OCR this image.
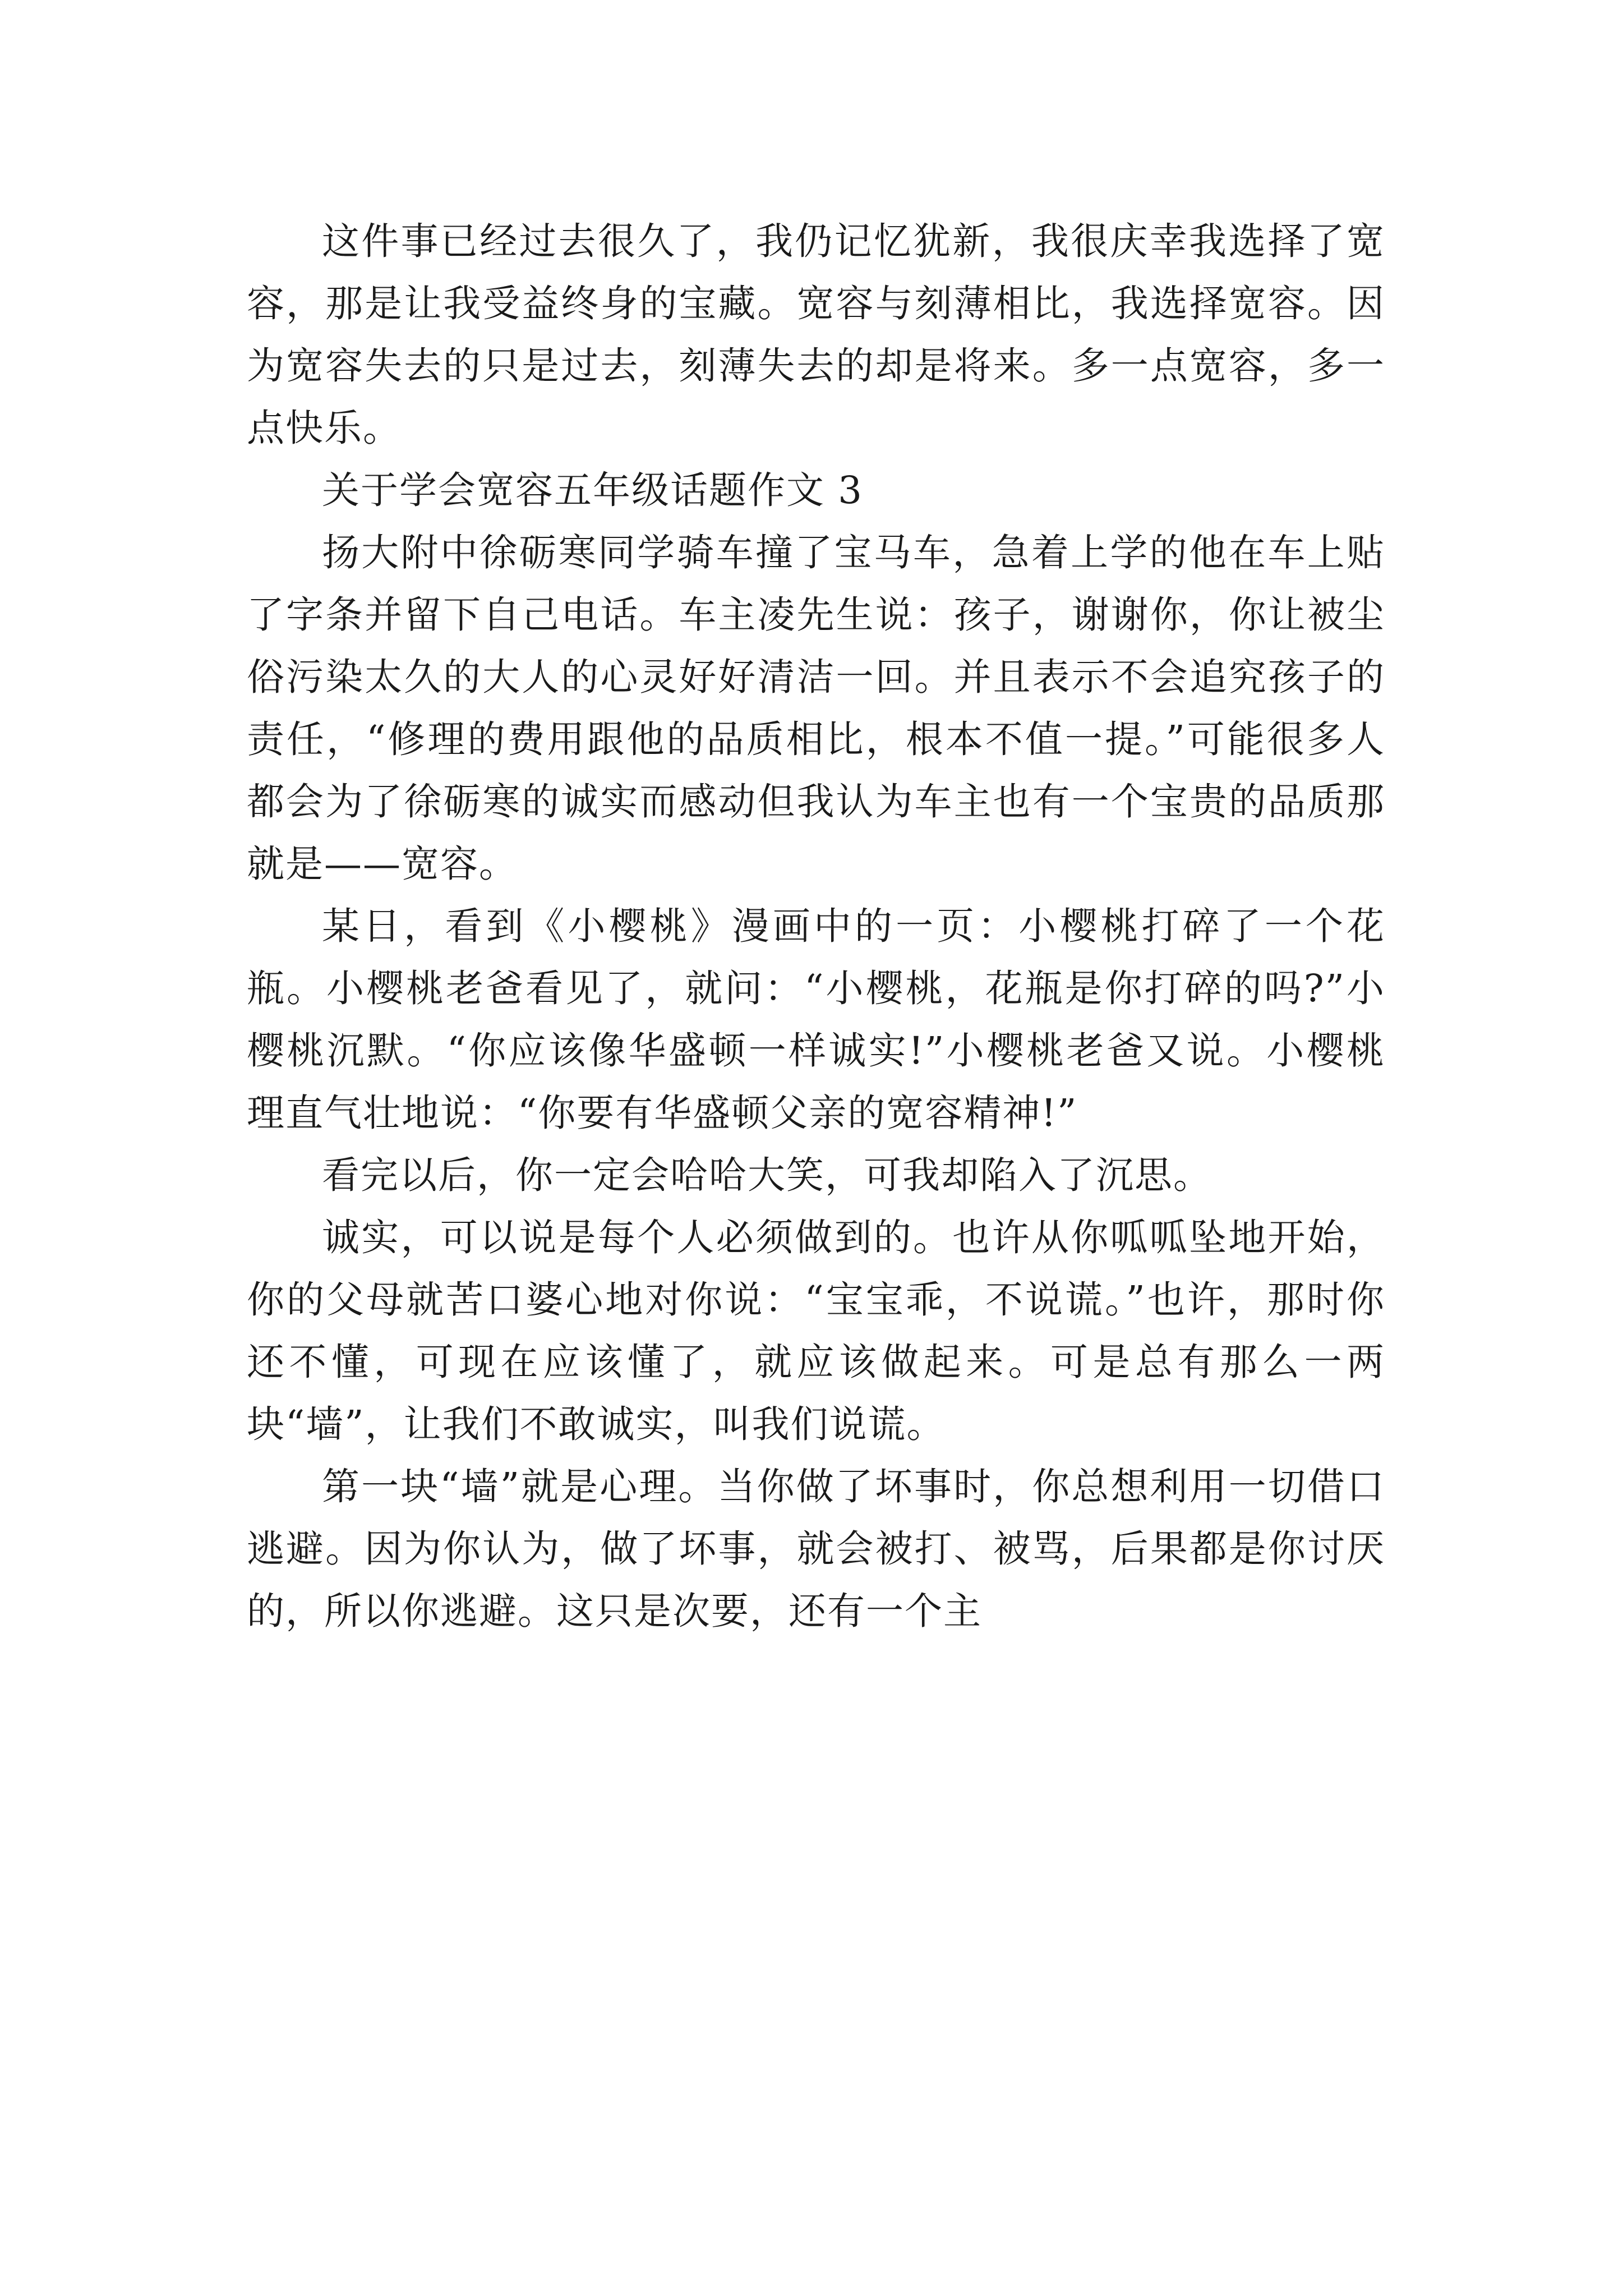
这件事已经过去很久了，我仍记忆犹新，我很庆幸我选择了宽容，那是让我受益终身的宝藏。宽容与刻薄相比，我选择宽容。因为宽容失去的只是过去，刻薄失去的却是将来。多一点宽容，多一点快乐。

关于学会宽容五年级话题作文 3

扬大附中徐砺寒同学骑车撞了宝马车，急着上学的他在车上贴了字条并留下自己电话。车主凌先生说：孩子，谢谢你，你让被尘俗污染太久的大人的心灵好好清洁一回。并且表示不会追究孩子的责任，“修理的费用跟他的品质相比，根本不值一提。”可能很多人都会为了徐砺寒的诚实而感动但我认为车主也有一个宝贵的品质那就是——宽容。

某日，看到《小樱桃》漫画中的一页：小樱桃打碎了一个花瓶。小樱桃老爸看见了，就问：“小樱桃，花瓶是你打碎的吗?”小樱桃沉默。“你应该像华盛顿一样诚实!”小樱桃老爸又说。小樱桃理直气壮地说：“你要有华盛顿父亲的宽容精神!”

看完以后，你一定会哈哈大笑，可我却陷入了沉思。

诚实，可以说是每个人必须做到的。也许从你呱呱坠地开始，你的父母就苦口婆心地对你说：“宝宝乖，不说谎。”也许，那时你还不懂，可现在应该懂了，就应该做起来。可是总有那么一两块“墙”，让我们不敢诚实，叫我们说谎。

第一块“墙”就是心理。当你做了坏事时，你总想利用一切借口逃避。因为你认为，做了坏事，就会被打、被骂，后果都是你讨厌的，所以你逃避。这只是次要，还有一个主
